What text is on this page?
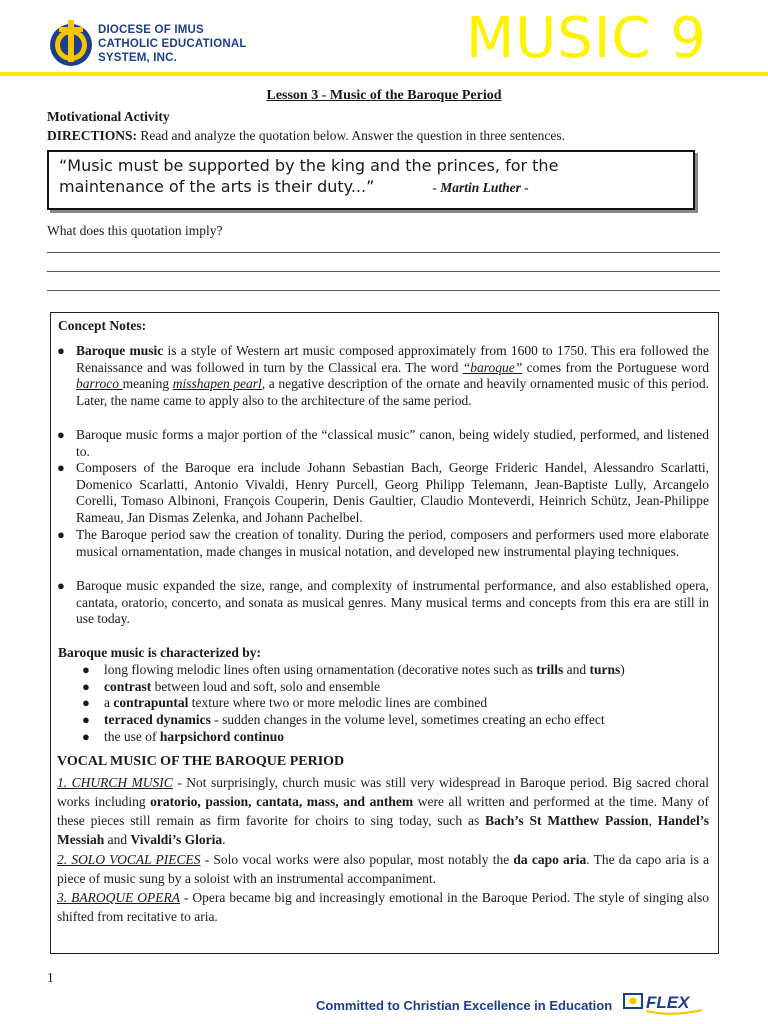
DIOCESE OF IMUS
CATHOLIC EDUCATIONAL
SYSTEM, INC.	MUSIC 9
Lesson 3 - Music of the Baroque Period
Motivational Activity
DIRECTIONS: Read and analyze the quotation below. Answer the question in three sentences.
“Music must be supported by the king and the princes, for the
maintenance of the arts is their duty...”	- Martin Luther -
What does this quotation imply?
Concept Notes:
● Baroque music is a style of Western art music composed approximately from 1600 to 1750. This era followed the Renaissance and was followed in turn by the Classical era. The word “baroque” comes from the Portuguese word barroco meaning misshapen pearl, a negative description of the ornate and heavily ornamented music of this period. Later, the name came to apply also to the architecture of the same period.
● Baroque music forms a major portion of the “classical music” canon, being widely studied, performed, and listened to.
● Composers of the Baroque era include Johann Sebastian Bach, George Frideric Handel, Alessandro Scarlatti, Domenico Scarlatti, Antonio Vivaldi, Henry Purcell, Georg Philipp Telemann, Jean-Baptiste Lully, Arcangelo Corelli, Tomaso Albinoni, François Couperin, Denis Gaultier, Claudio Monteverdi, Heinrich Schütz, Jean-Philippe Rameau, Jan Dismas Zelenka, and Johann Pachelbel.
● The Baroque period saw the creation of tonality. During the period, composers and performers used more elaborate musical ornamentation, made changes in musical notation, and developed new instrumental playing techniques.
● Baroque music expanded the size, range, and complexity of instrumental performance, and also established opera, cantata, oratorio, concerto, and sonata as musical genres. Many musical terms and concepts from this era are still in use today.
Baroque music is characterized by:
● long flowing melodic lines often using ornamentation (decorative notes such as trills and turns)
● contrast between loud and soft, solo and ensemble
● a contrapuntal texture where two or more melodic lines are combined
● terraced dynamics - sudden changes in the volume level, sometimes creating an echo effect
● the use of harpsichord continuo
VOCAL MUSIC OF THE BAROQUE PERIOD
1. CHURCH MUSIC - Not surprisingly, church music was still very widespread in Baroque period. Big sacred choral works including oratorio, passion, cantata, mass, and anthem were all written and performed at the time. Many of these pieces still remain as firm favorite for choirs to sing today, such as Bach’s St Matthew Passion, Handel’s Messiah and Vivaldi’s Gloria.
2. SOLO VOCAL PIECES - Solo vocal works were also popular, most notably the da capo aria. The da capo aria is a piece of music sung by a soloist with an instrumental accompaniment.
3. BAROQUE OPERA - Opera became big and increasingly emotional in the Baroque Period. The style of singing also shifted from recitative to aria.
1
Committed to Christian Excellence in Education FLEX
